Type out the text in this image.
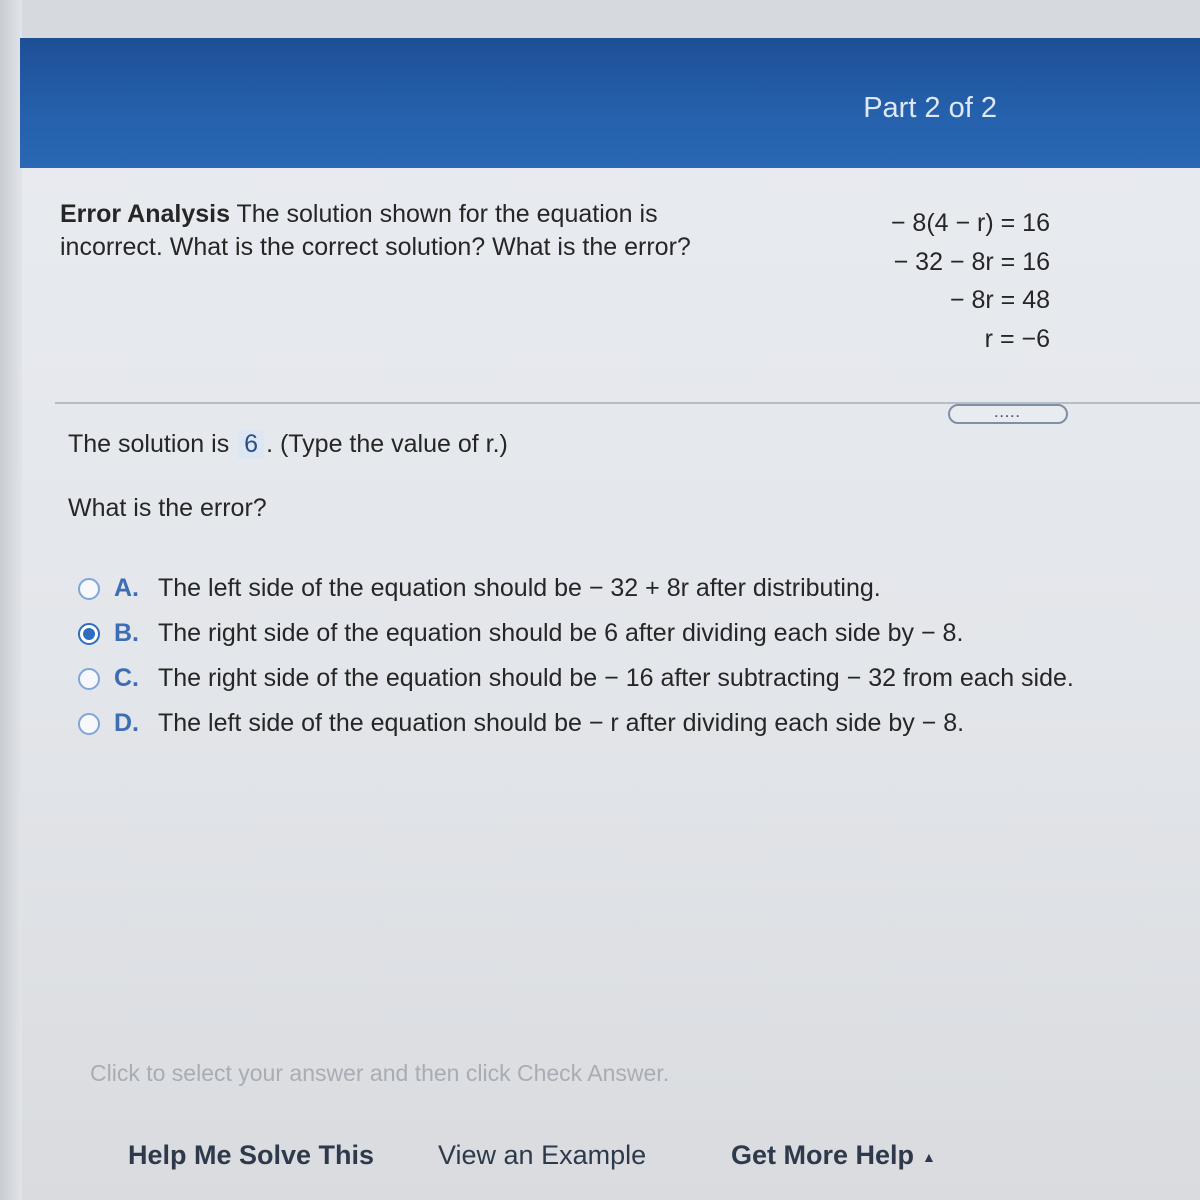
Part 2 of 2
Error Analysis The solution shown for the equation is incorrect. What is the correct solution? What is the error?
− 8(4 − r) = 16
− 32 − 8r = 16
− 8r = 48
r = −6
.....
The solution is 6 . (Type the value of r.)
What is the error?
A. The left side of the equation should be − 32 + 8r after distributing.
B. The right side of the equation should be 6 after dividing each side by − 8.
C. The right side of the equation should be − 16 after subtracting − 32 from each side.
D. The left side of the equation should be − r after dividing each side by − 8.
Click to select your answer and then click Check Answer.
Help Me Solve This View an Example	Get More Help ▲
